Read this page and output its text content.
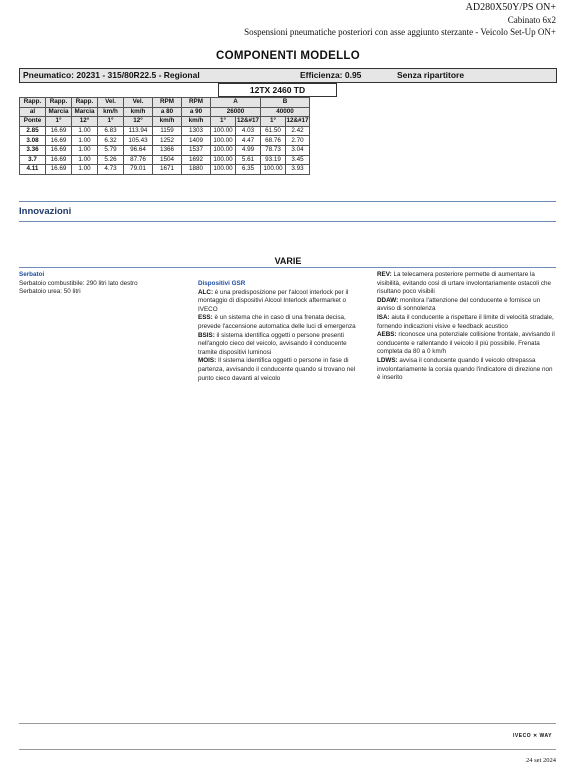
AD280X50Y/PS ON+
Cabinato 6x2
Sospensioni pneumatiche posteriori con asse aggiunto sterzante - Veicolo Set-Up ON+
COMPONENTI MODELLO
Pneumatico: 20231 - 315/80R22.5 - Regional	Efficienza: 0.95	Senza ripartitore
12TX 2460 TD
Rapp.	Rapp.	Rapp.	Vel.	Vel.	RPM	RPM	A		B	
al	Marcia	Marcia	km/h	km/h	a 80	a 90	26000		40000	
Ponte	1°	12°	1°	12°	km/h	km/h	1°	12&#17	1°	12&#17
2.85	16.69	1.00	6.83	113.94	1159	1303	100.00	4.03	61.50	2.42
3.08	16.69	1.00	6.32	105.43	1252	1409	100.00	4.47	68.76	2.70
3.36	16.69	1.00	5.79	96.64	1366	1537	100.00	4.99	78.73	3.04
3.7	16.69	1.00	5.26	87.76	1504	1692	100.00	5.61	93.19	3.45
4.11	16.69	1.00	4.73	79.01	1671	1880	100.00	6.35	100.00	3.93
Innovazioni
VARIE
Serbatoi
Serbatoio combustibile: 290 litri lato destro
Serbatoio urea: 50 litri
Dispositivi GSR

ALC: è una predisposizione per l'alcool interlock per il montaggio di dispositivi Alcool Interlock aftermarket o IVECO

ESS: è un sistema che in caso di una frenata decisa, prevede l'accensione automatica delle luci di emergenza

BSIS: il sistema identifica oggetti o persone presenti nell'angolo cieco del veicolo, avvisando il conducente tramite dispositivi luminosi

MOIS: Il sistema identifica oggetti o persone in fase di partenza, avvisando il conducente quando si trovano nel punto cieco davanti al veicolo

REV: La telecamera posteriore permette di aumentare la visibilità, evitando così di urtare involontariamente ostacoli che risultano poco visibili

DDAW: monitora l'attenzione del conducente e fornisce un avviso di sonnolenza

ISA: aiuta il conducente a rispettare il limite di velocità stradale, fornendo indicazioni visive e feedback acustico

AEBS: riconosce una potenziale collisione frontale, avvisando il conducente e rallentando il veicolo il più possibile. Frenata completa da 80 a 0 km/h

LDWS: avvisa il conducente quando il veicolo oltrepassa involontariamente la corsia quando l'indicatore di direzione non è inserito

IVECO ✕ WAY
24 set 2024
